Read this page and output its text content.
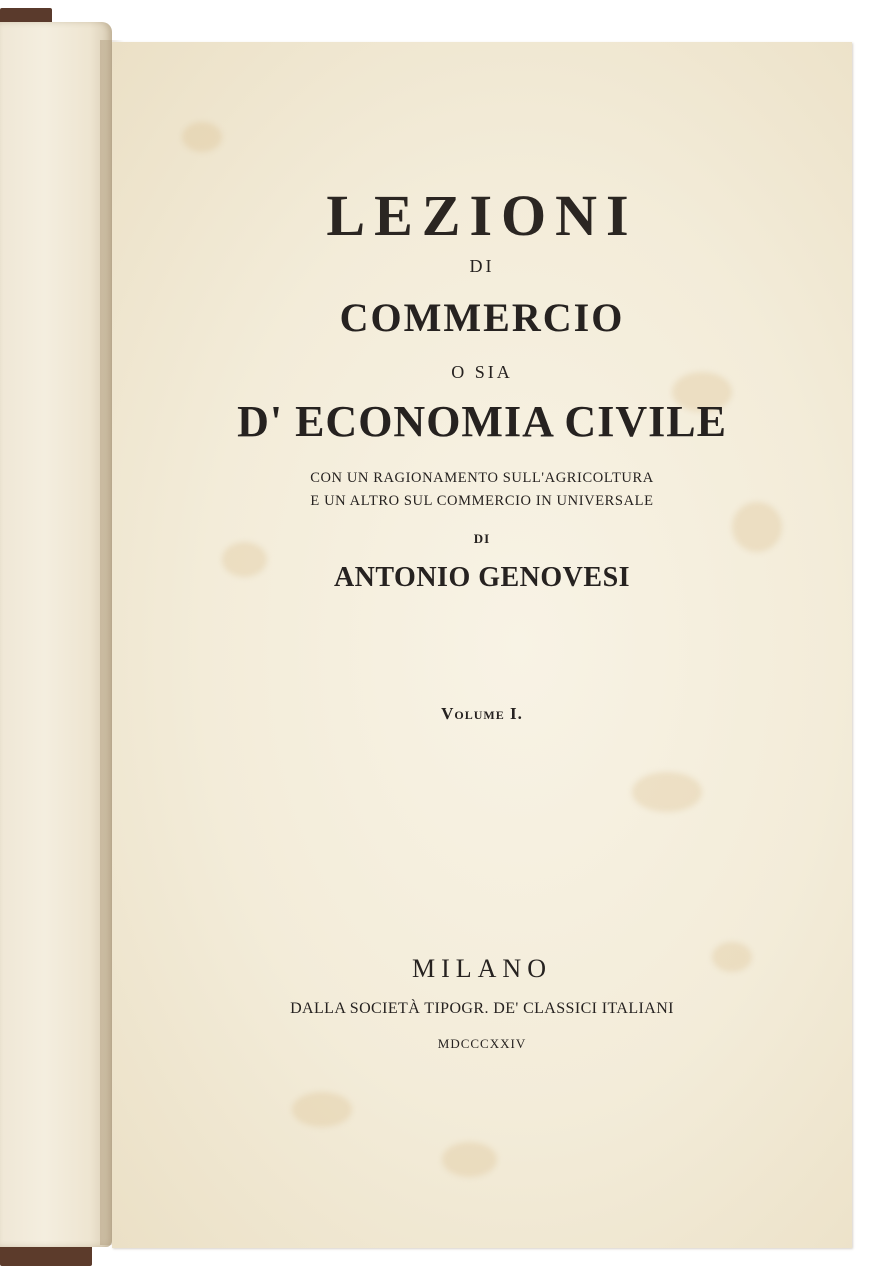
LEZIONI
DI
COMMERCIO
O SIA
D' ECONOMIA CIVILE
CON UN RAGIONAMENTO SULL'AGRICOLTURA
E UN ALTRO SUL COMMERCIO IN UNIVERSALE
DI
ANTONIO GENOVESI
Volume I.
MILANO
DALLA SOCIETÀ TIPOGR. DE' CLASSICI ITALIANI
MDCCCXXIV
